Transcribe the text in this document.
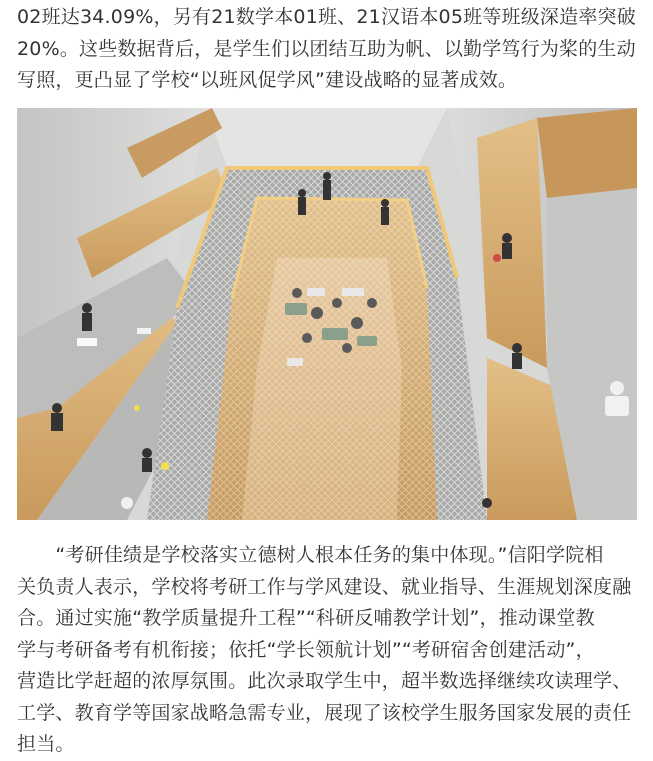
02班达34.09%，另有21数学本01班、21汉语本05班等班级深造率突破
20%。这些数据背后，是学生们以团结互助为帆、以勤学笃行为桨的生动
写照，更凸显了学校“以班风促学风”建设战略的显著成效。
　　“考研佳绩是学校落实立德树人根本任务的集中体现。”信阳学院相
关负责人表示，学校将考研工作与学风建设、就业指导、生涯规划深度融
合。通过实施“教学质量提升工程”“科研反哺教学计划”，推动课堂教
学与考研备考有机衔接；依托“学长领航计划”“考研宿舍创建活动”，
营造比学赶超的浓厚氛围。此次录取学生中，超半数选择继续攻读理学、
工学、教育学等国家战略急需专业，展现了该校学生服务国家发展的责任
担当。
